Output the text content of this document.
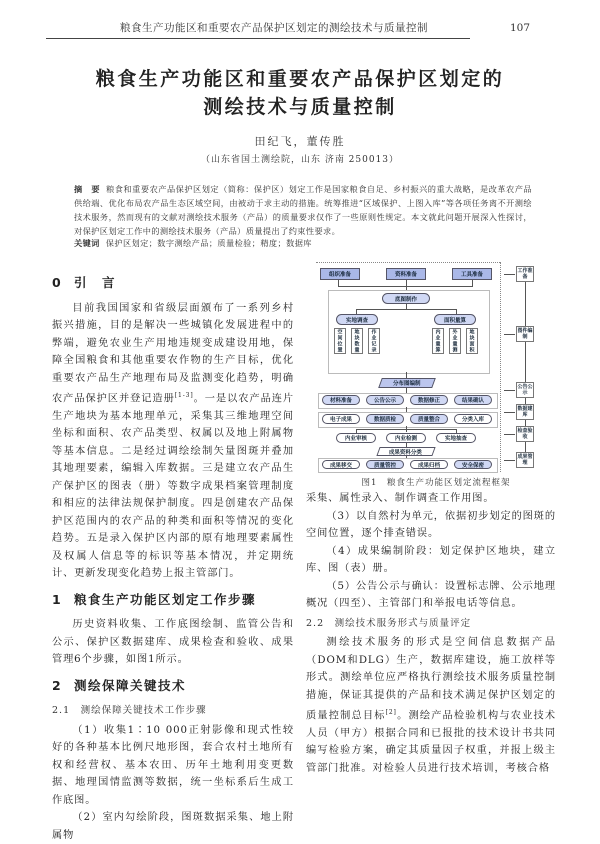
粮食生产功能区和重要农产品保护区划定的测绘技术与质量控制	107
粮食生产功能区和重要农产品保护区划定的
测绘技术与质量控制
田纪飞，董传胜
（山东省国土测绘院，山东 济南 250013）
摘　要 粮食和重要农产品保护区划定（简称：保护区）划定工作是国家粮食自足、乡村振兴的重大战略，是改革农产品供给端、优化布局农产品生态区域空间，由被动于求主动的措施。统筹推进“区域保护、上图入库”等各项任务离不开测绘技术服务，然而现有的文献对测绘技术服务（产品）的质量要求仅作了一些原则性规定。本文就此问题开展深入性探讨，对保护区划定工作中的测绘技术服务（产品）质量提出了约束性要求。
关键词 保护区划定；数字测绘产品；质量检验；精度；数据库
0 引　言

目前我国国家和省级层面颁布了一系列乡村振兴措施，目的是解决一些城镇化发展进程中的弊端，避免农业生产用地违规变成建设用地，保障全国粮食和其他重要农作物的生产目标，优化重要农产品生产地理布局及监测变化趋势，明确农产品保护区并登记造册[1-3]。一是以农产品连片生产地块为基本地理单元，采集其三维地理空间坐标和面积、农产品类型、权属以及地上附属物等基本信息。二是经过调绘绘制矢量图斑并叠加其地理要素，编辑入库数据。三是建立农产品生产保护区的图表（册）等数字成果档案管理制度和相应的法律法规保护制度。四是创建农产品保护区范围内的农产品的种类和面积等情况的变化趋势。五是录入保护区内部的原有地理要素属性及权属人信息等的标识等基本情况，并定期统计、更新发现变化趋势上报主管部门。

1 粮食生产功能区划定工作步骤

历史资料收集、工作底图绘制、监管公告和公示、保护区数据建库、成果检查和验收、成果管理6个步骤，如图1所示。

2 测绘保障关键技术
2.1　测绘保障关键技术工作步骤

（1）收集1∶10 000正射影像和现式性较好的各种基本比例尺地形图，套合农村土地所有权和经营权、基本农田、历年土地利用变更数据、地理国情监测等数据，统一坐标系后生成工作底图。

（2）室内勾绘阶段，图斑数据采集、地上附属物

组织准备	资料准备	工具准备
底图制作
实地调查	面积量算
空间位置	地块数量	作业记录	内业量算	外业量测	地块面积
分布图编制
材料准备	公告公示	数据修正	结果确认
电子成果	数据质检	质量整合	分类入库
内业审核	内业检测	实地抽查
成果资料分类
成果移交	质量管控	成果归档	安全保密
工作准备
图件编制
公告公示
数据建库
检查验收
成果管理
图1　粮食生产功能区划定流程框架

采集、属性录入、制作调查工作用图。

（3）以自然村为单元，依据初步划定的图斑的空间位置，逐个排查错误。

（4）成果编制阶段：划定保护区地块，建立库、图（表）册。

（5）公告公示与确认：设置标志牌、公示地理概况（四至）、主管部门和举报电话等信息。

2.2　测绘技术服务形式与质量评定

测绘技术服务的形式是空间信息数据产品（DOM和DLG）生产，数据库建设，施工放样等形式。测绘单位应严格执行测绘技术服务质量控制措施，保证其提供的产品和技术满足保护区划定的质量控制总目标[2]。测绘产品检验机构与农业技术人员（甲方）根据合同和已报批的技术设计书共同编写检验方案，确定其质量因子权重，并报上级主管部门批准。对检验人员进行技术培训，考核合格
